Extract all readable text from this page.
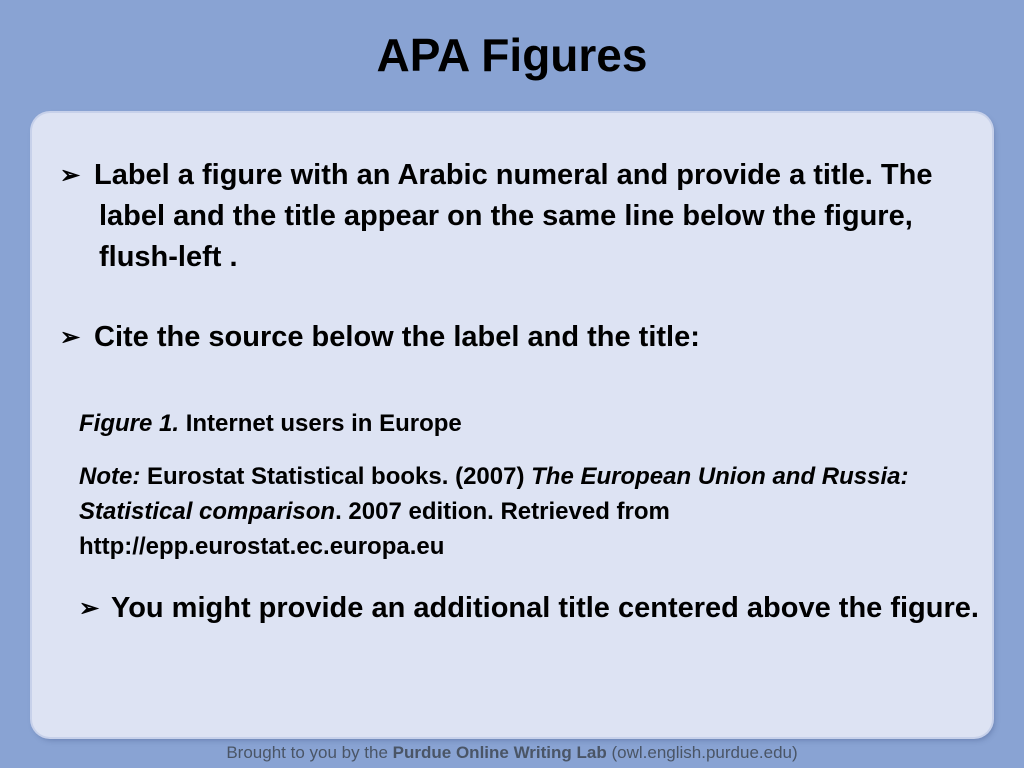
APA Figures
➢ Label a figure with an Arabic numeral and provide a title. The label and the title appear on the same line below the figure, flush-left .
➢ Cite the source below the label and the title:
Figure 1. Internet users in Europe
Note: Eurostat Statistical books. (2007) The European Union and Russia: Statistical comparison. 2007 edition. Retrieved from http://epp.eurostat.ec.europa.eu
➢ You might provide an additional title centered above the figure.
Brought to you by the Purdue Online Writing Lab (owl.english.purdue.edu)
